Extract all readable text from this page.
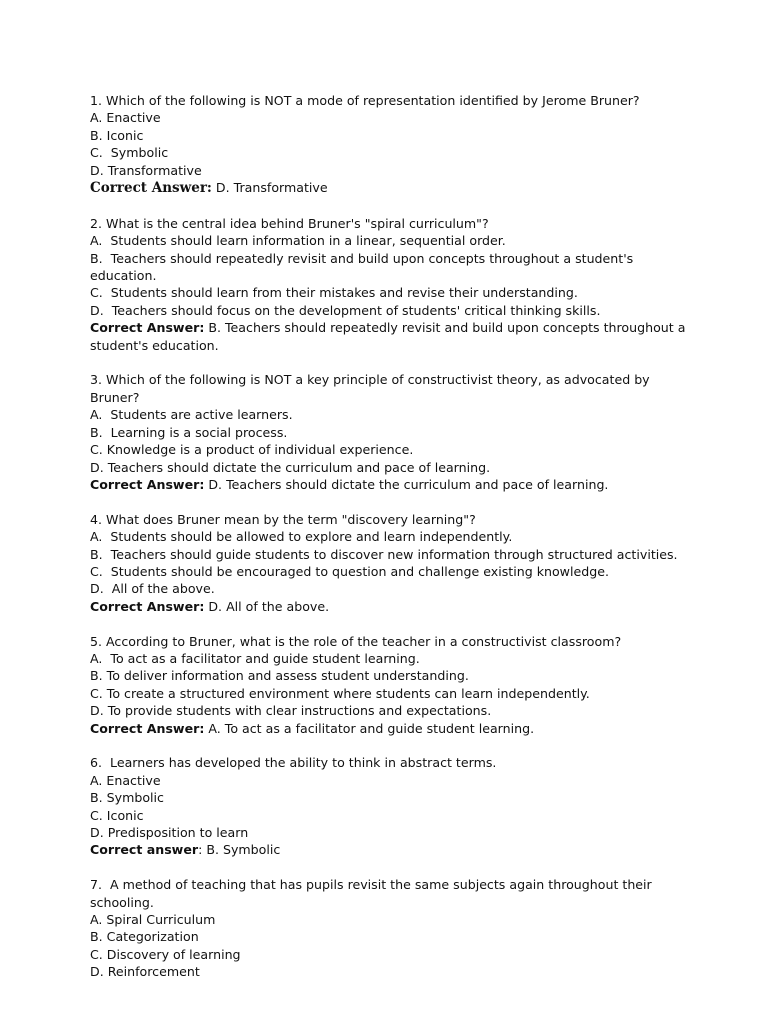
1. Which of the following is NOT a mode of representation identified by Jerome Bruner?
A. Enactive
B. Iconic
C.  Symbolic
D. Transformative
Correct Answer: D. Transformative
2. What is the central idea behind Bruner's "spiral curriculum"?
A.  Students should learn information in a linear, sequential order.
B.  Teachers should repeatedly revisit and build upon concepts throughout a student's education.
C.  Students should learn from their mistakes and revise their understanding.
D.  Teachers should focus on the development of students' critical thinking skills.
Correct Answer: B. Teachers should repeatedly revisit and build upon concepts throughout a student's education.
3. Which of the following is NOT a key principle of constructivist theory, as advocated by Bruner?
A.  Students are active learners.
B.  Learning is a social process.
C. Knowledge is a product of individual experience.
D. Teachers should dictate the curriculum and pace of learning.
Correct Answer: D. Teachers should dictate the curriculum and pace of learning.
4. What does Bruner mean by the term "discovery learning"?
A.  Students should be allowed to explore and learn independently.
B.  Teachers should guide students to discover new information through structured activities.
C.  Students should be encouraged to question and challenge existing knowledge.
D.  All of the above.
Correct Answer: D. All of the above.
5. According to Bruner, what is the role of the teacher in a constructivist classroom?
A.  To act as a facilitator and guide student learning.
B. To deliver information and assess student understanding.
C. To create a structured environment where students can learn independently.
D. To provide students with clear instructions and expectations.
Correct Answer: A. To act as a facilitator and guide student learning.
6.  Learners has developed the ability to think in abstract terms.
A. Enactive
B. Symbolic
C. Iconic
D. Predisposition to learn
Correct answer: B. Symbolic
7.  A method of teaching that has pupils revisit the same subjects again throughout their schooling.
A. Spiral Curriculum
B. Categorization
C. Discovery of learning
D. Reinforcement
